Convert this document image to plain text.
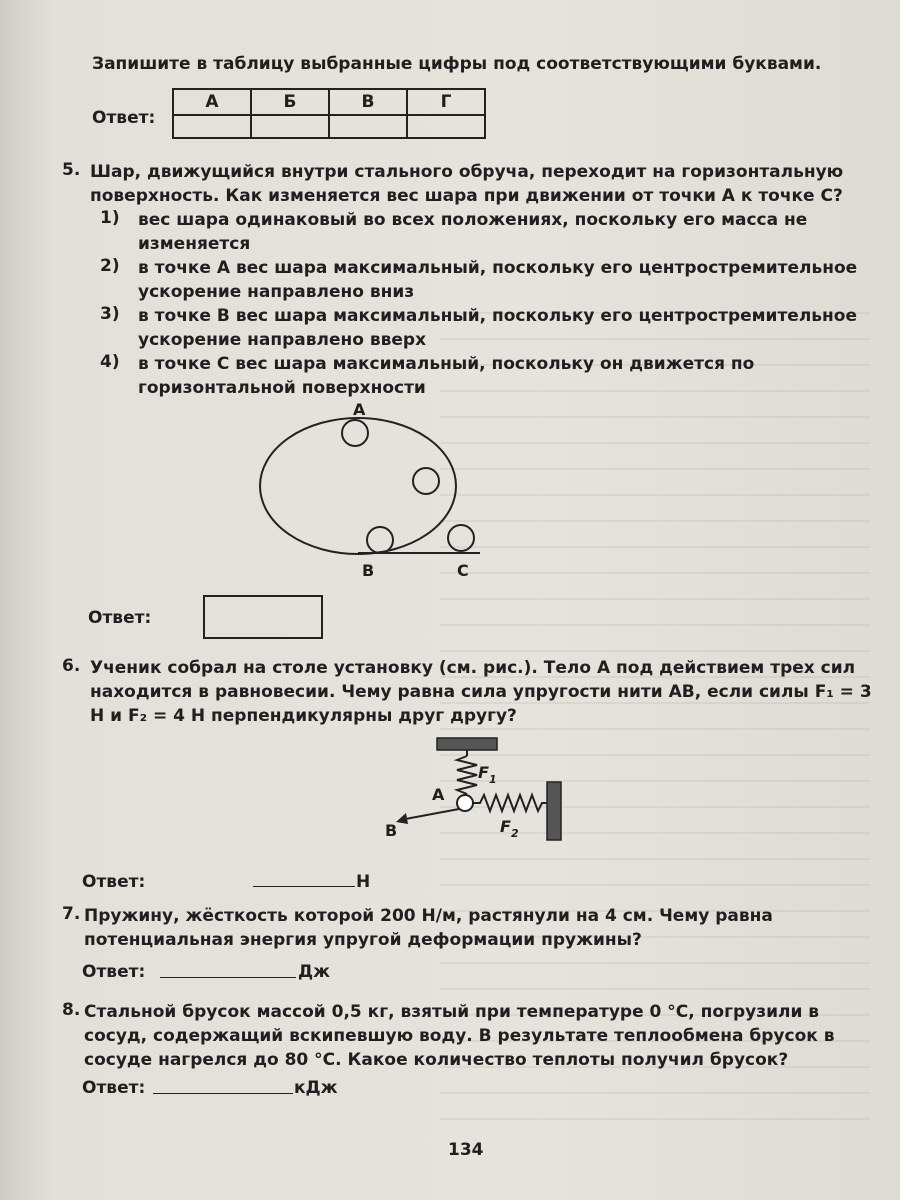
Запишите в таблицу выбранные цифры под соответствующими буквами.

Ответ:
А	Б	В	Г

5. Шар, движущийся внутри стального обруча, переходит на горизонтальную поверхность. Как изменяется вес шара при движении от точки А к точке С?

1) вес шара одинаковый во всех положениях, поскольку его масса не изменяется

2) в точке А вес шара максимальный, поскольку его центростремительное ускорение направлено вниз

3) в точке В вес шара максимальный, поскольку его центростремительное ускорение направлено вверх

4) в точке С вес шара максимальный, поскольку он движется по горизонтальной поверхности

А
В	С
Ответ:
6. Ученик собрал на столе установку (см. рис.). Тело А под действием трех сил находится в равновесии. Чему равна сила упругости нити АВ, если силы F₁ = 3 Н и F₂ = 4 Н перпендикулярны друг другу?

$F_1$
A
$F_2$
B
Ответ:	Н
7. Пружину, жёсткость которой 200 Н/м, растянули на 4 см. Чему равна потенциальная энергия упругой деформации пружины?

Ответ:	Дж
8. Стальной брусок массой 0,5 кг, взятый при температуре 0 °С, погрузили в сосуд, содержащий вскипевшую воду. В результате теплообмена брусок в сосуде нагрелся до 80 °С. Какое количество теплоты получил брусок?

Ответ:	кДж
134
